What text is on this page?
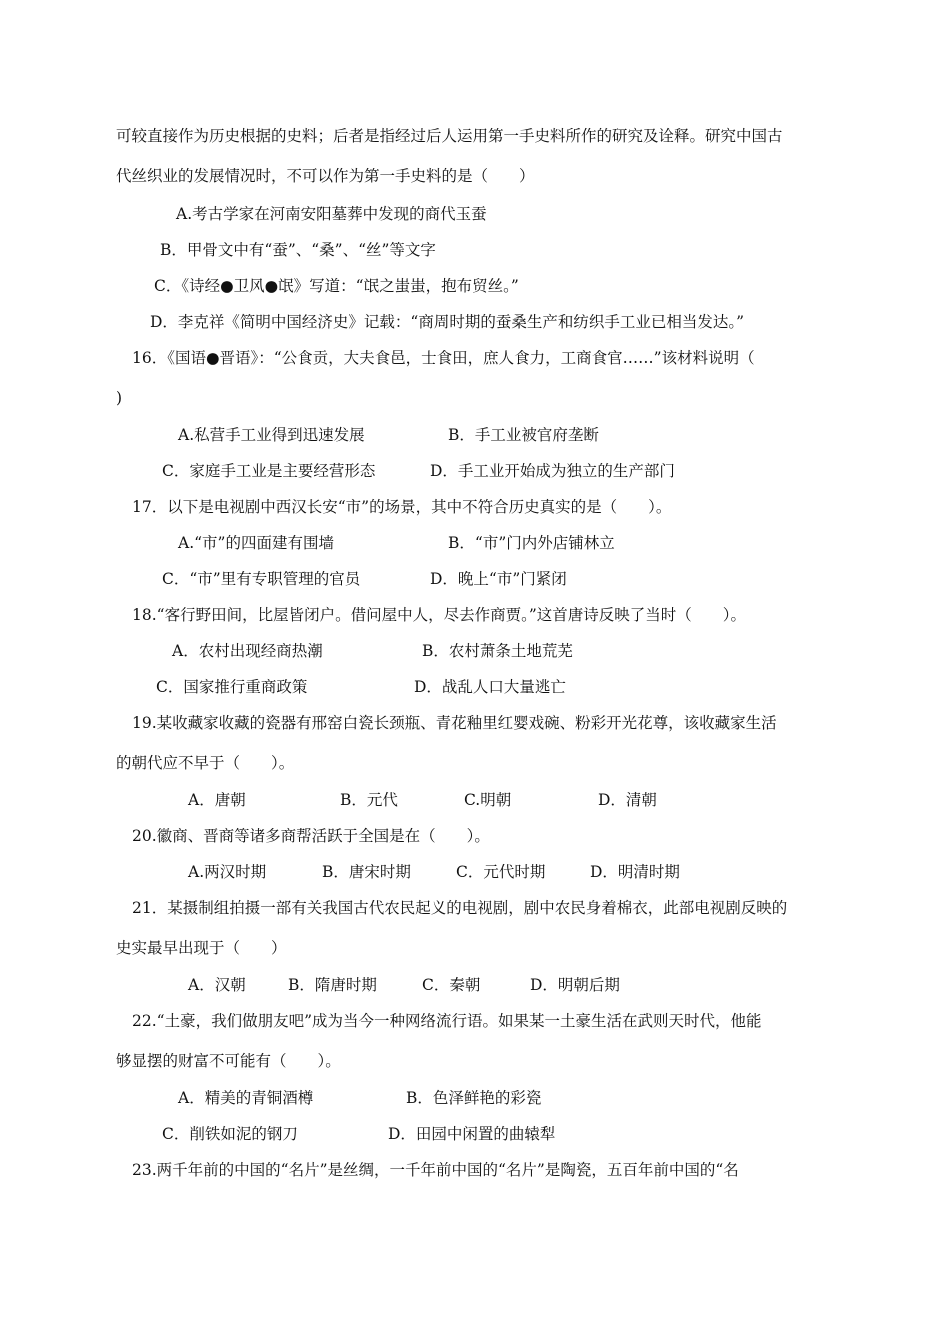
可较直接作为历史根据的史料；后者是指经过后人运用第一手史料所作的研究及诠释。研究中国古
代丝织业的发展情况时，不可以作为第一手史料的是（　　）
A.考古学家在河南安阳墓葬中发现的商代玉蚕
B．甲骨文中有“蚕”、“桑”、“丝”等文字
C．《诗经●卫风●氓》写道：“氓之蚩蚩，抱布贸丝。”
D．李克祥《简明中国经济史》记载：“商周时期的蚕桑生产和纺织手工业已相当发达。”
16．《国语●晋语》：“公食贡，大夫食邑，士食田，庶人食力，工商食官……”该材料说明（
)
A.私营手工业得到迅速发展	B．手工业被官府垄断
C．家庭手工业是主要经营形态	D．手工业开始成为独立的生产部门
17．以下是电视剧中西汉长安“市”的场景，其中不符合历史真实的是（　　）。
A.“市”的四面建有围墙	B．“市”门内外店铺林立
C．“市”里有专职管理的官员	D．晚上“市”门紧闭
18.“客行野田间，比屋皆闭户。借问屋中人，尽去作商贾。”这首唐诗反映了当时（　　）。
A．农村出现经商热潮	B．农村萧条土地荒芜
C．国家推行重商政策	D．战乱人口大量逃亡
19.某收藏家收藏的瓷器有邢窑白瓷长颈瓶、青花釉里红婴戏碗、粉彩开光花尊，该收藏家生活
的朝代应不早于（　　）。
A．唐朝	B．元代	C.明朝	D．清朝
20.徽商、晋商等诸多商帮活跃于全国是在（　　）。
A.两汉时期	B．唐宋时期	C．元代时期	D．明清时期
21．某摄制组拍摄一部有关我国古代农民起义的电视剧，剧中农民身着棉衣，此部电视剧反映的
史实最早出现于（　　）
A．汉朝	B．隋唐时期	C．秦朝	D．明朝后期
22.“土豪，我们做朋友吧”成为当今一种网络流行语。如果某一土豪生活在武则天时代，他能
够显摆的财富不可能有（　　）。
A．精美的青铜酒樽	B．色泽鲜艳的彩瓷
C．削铁如泥的钢刀	D．田园中闲置的曲辕犁
23.两千年前的中国的“名片”是丝绸，一千年前中国的“名片”是陶瓷，五百年前中国的“名
